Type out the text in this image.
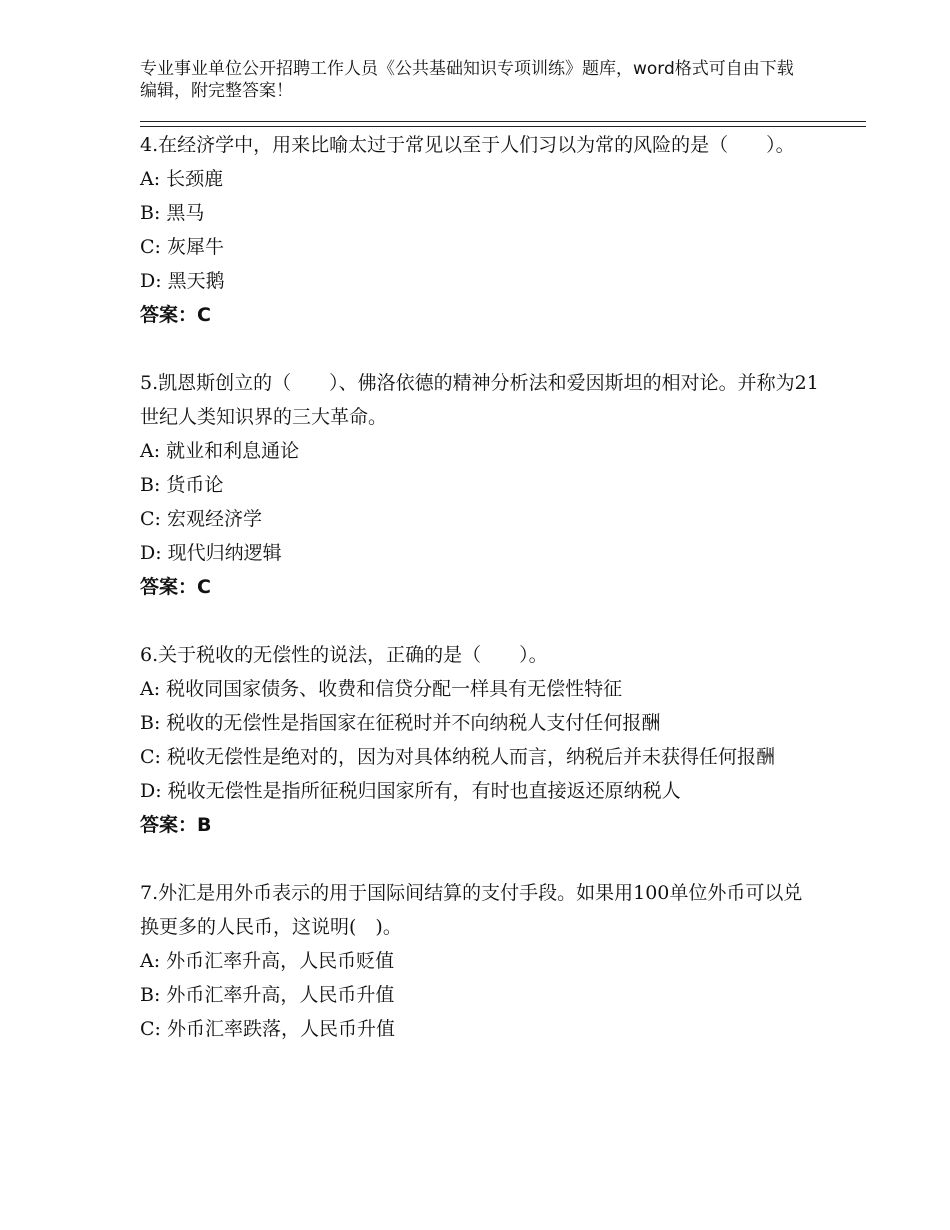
专业事业单位公开招聘工作人员《公共基础知识专项训练》题库，word格式可自由下载编辑，附完整答案！
4.在经济学中，用来比喻太过于常见以至于人们习以为常的风险的是（　　）。
A: 长颈鹿
B: 黑马
C: 灰犀牛
D: 黑天鹅
答案：C
5.凯恩斯创立的（　　）、佛洛依德的精神分析法和爱因斯坦的相对论。并称为21世纪人类知识界的三大革命。
A: 就业和利息通论
B: 货币论
C: 宏观经济学
D: 现代归纳逻辑
答案：C
6.关于税收的无偿性的说法，正确的是（　　）。
A: 税收同国家债务、收费和信贷分配一样具有无偿性特征
B: 税收的无偿性是指国家在征税时并不向纳税人支付任何报酬
C: 税收无偿性是绝对的，因为对具体纳税人而言，纳税后并未获得任何报酬
D: 税收无偿性是指所征税归国家所有，有时也直接返还原纳税人
答案：B
7.外汇是用外币表示的用于国际间结算的支付手段。如果用100单位外币可以兑换更多的人民币，这说明(　)。
A: 外币汇率升高，人民币贬值
B: 外币汇率升高，人民币升值
C: 外币汇率跌落，人民币升值
